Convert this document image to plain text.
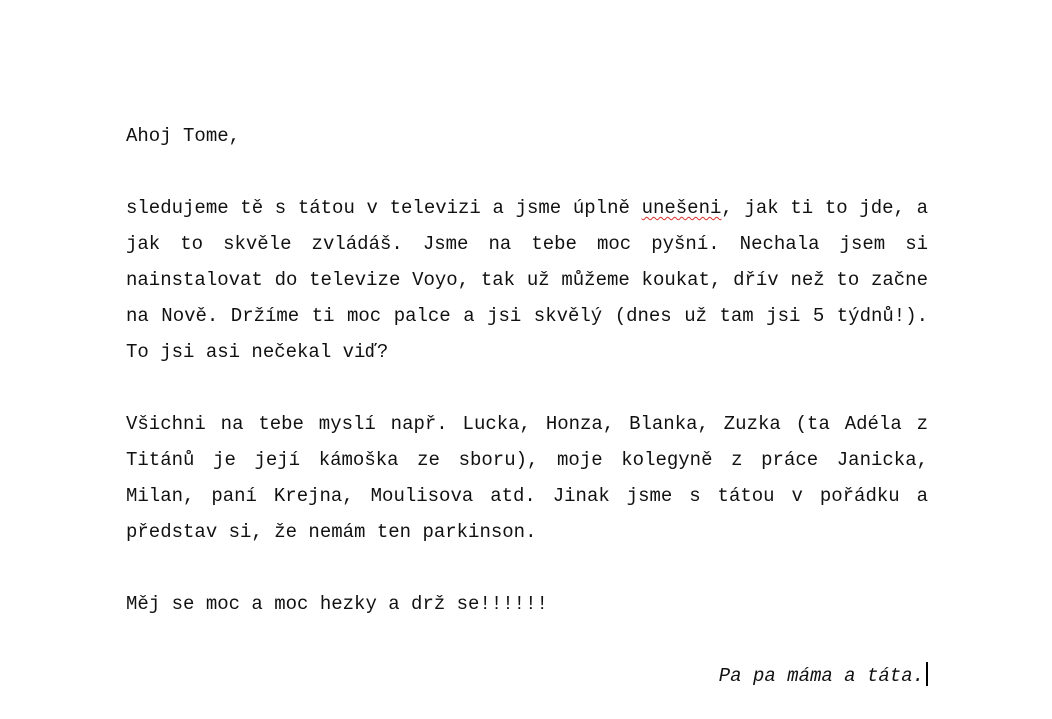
Ahoj Tome,

sledujeme tě s tátou v televizi a jsme úplně unešeni, jak ti to jde, a jak to skvěle zvládáš. Jsme na tebe moc pyšní. Nechala jsem si nainstalovat do televize Voyo, tak už můžeme koukat, dřív než to začne na Nově. Držíme ti moc palce a jsi skvělý (dnes už tam jsi 5 týdnů!). To jsi asi nečekal viď?

Všichni na tebe myslí např. Lucka, Honza, Blanka, Zuzka (ta Adéla z Titánů je její kámoška ze sboru), moje kolegyně z práce Janicka, Milan, paní Krejna, Moulisova atd. Jinak jsme s tátou v pořádku a představ si, že nemám ten parkinson.

Měj se moc a moc hezky a drž se!!!!!!

Pa pa máma a táta.
